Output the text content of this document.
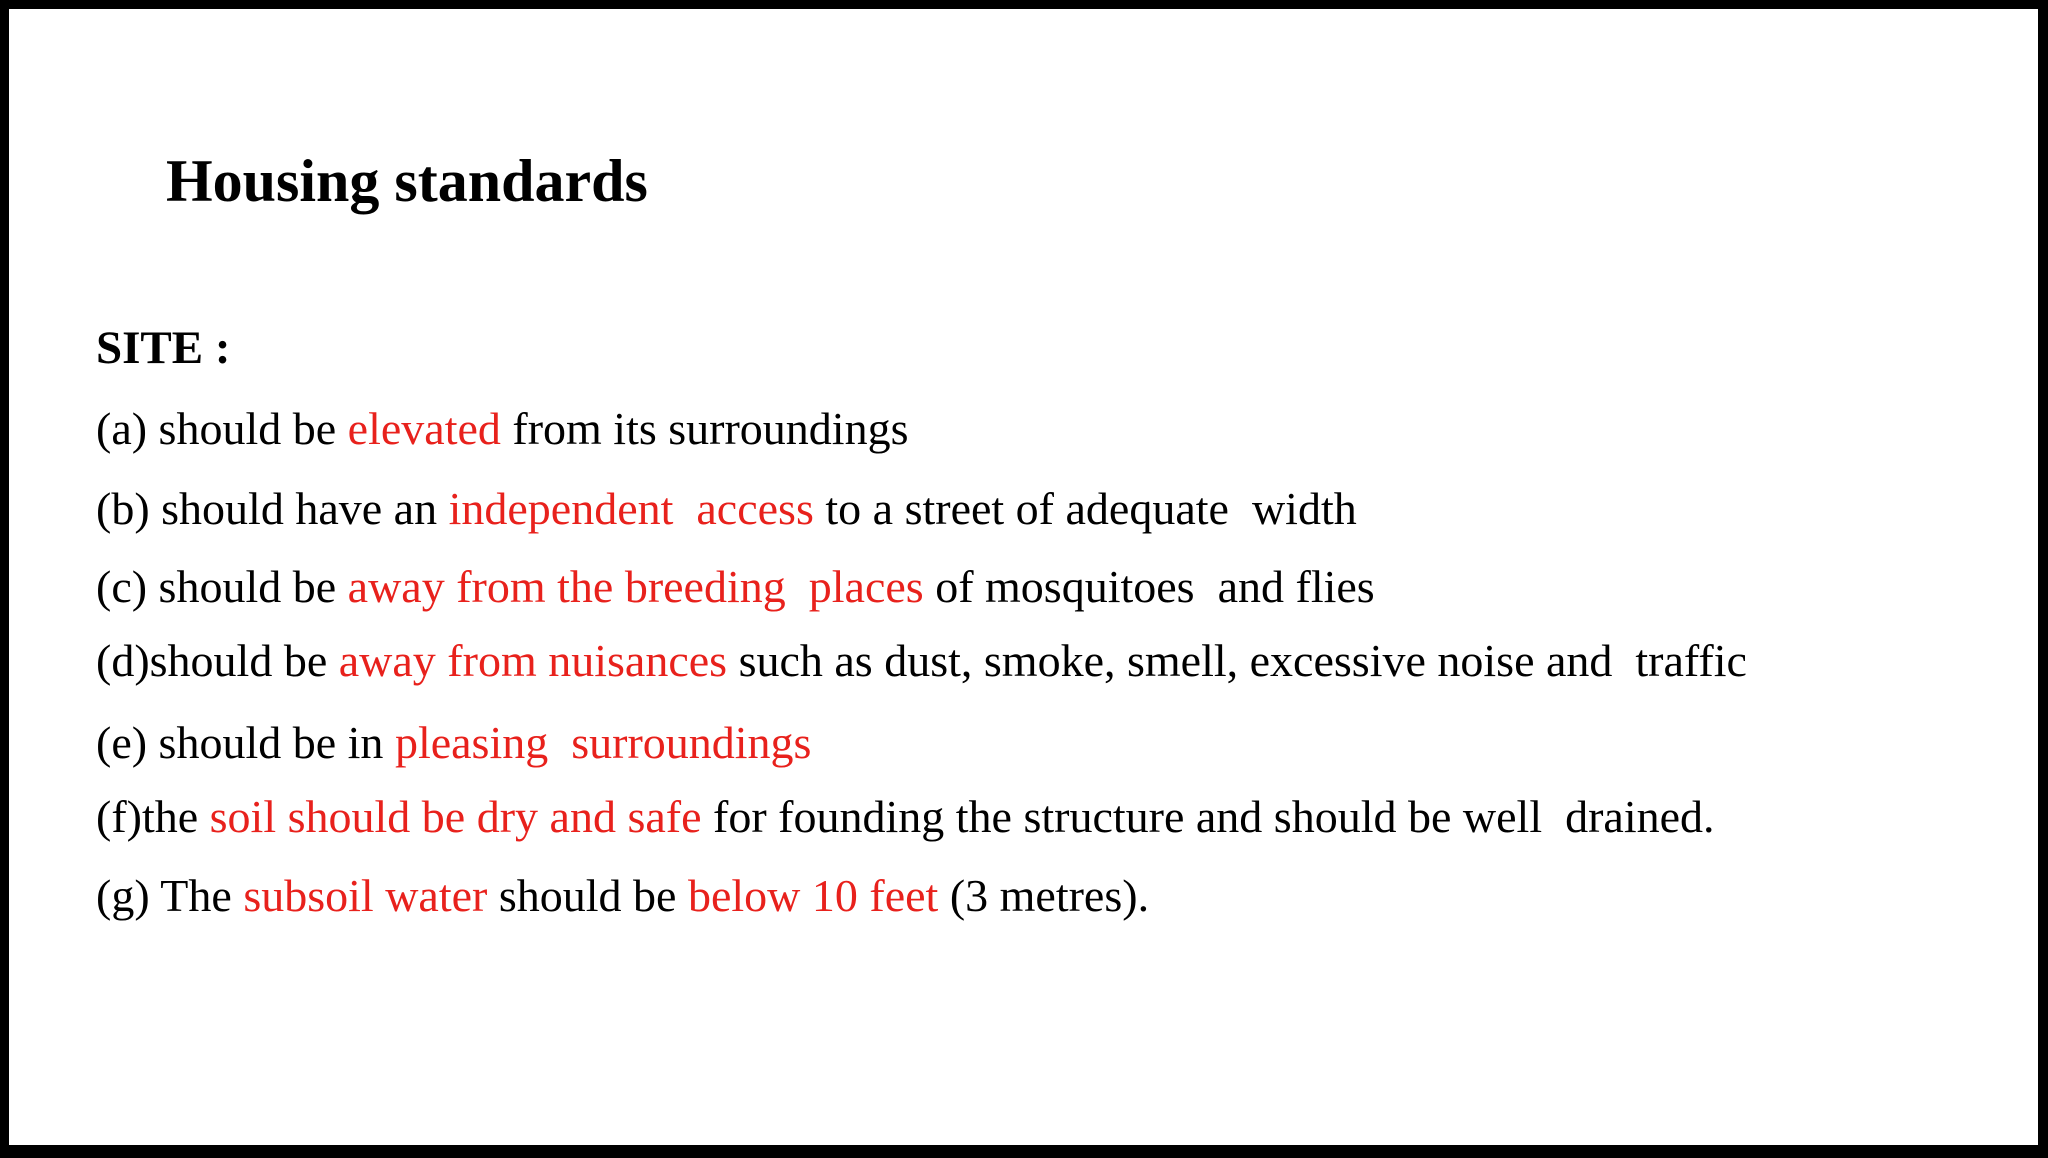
Housing standards
SITE :
(a) should be elevated from its surroundings
(b) should have an independent  access to a street of adequate  width
(c) should be away from the breeding  places of mosquitoes  and flies
(d)should be away from nuisances such as dust, smoke, smell, excessive noise and  traffic
(e) should be in pleasing  surroundings
(f)the soil should be dry and safe for founding the structure and should be well  drained.
(g) The subsoil water should be below 10 feet (3 metres).
